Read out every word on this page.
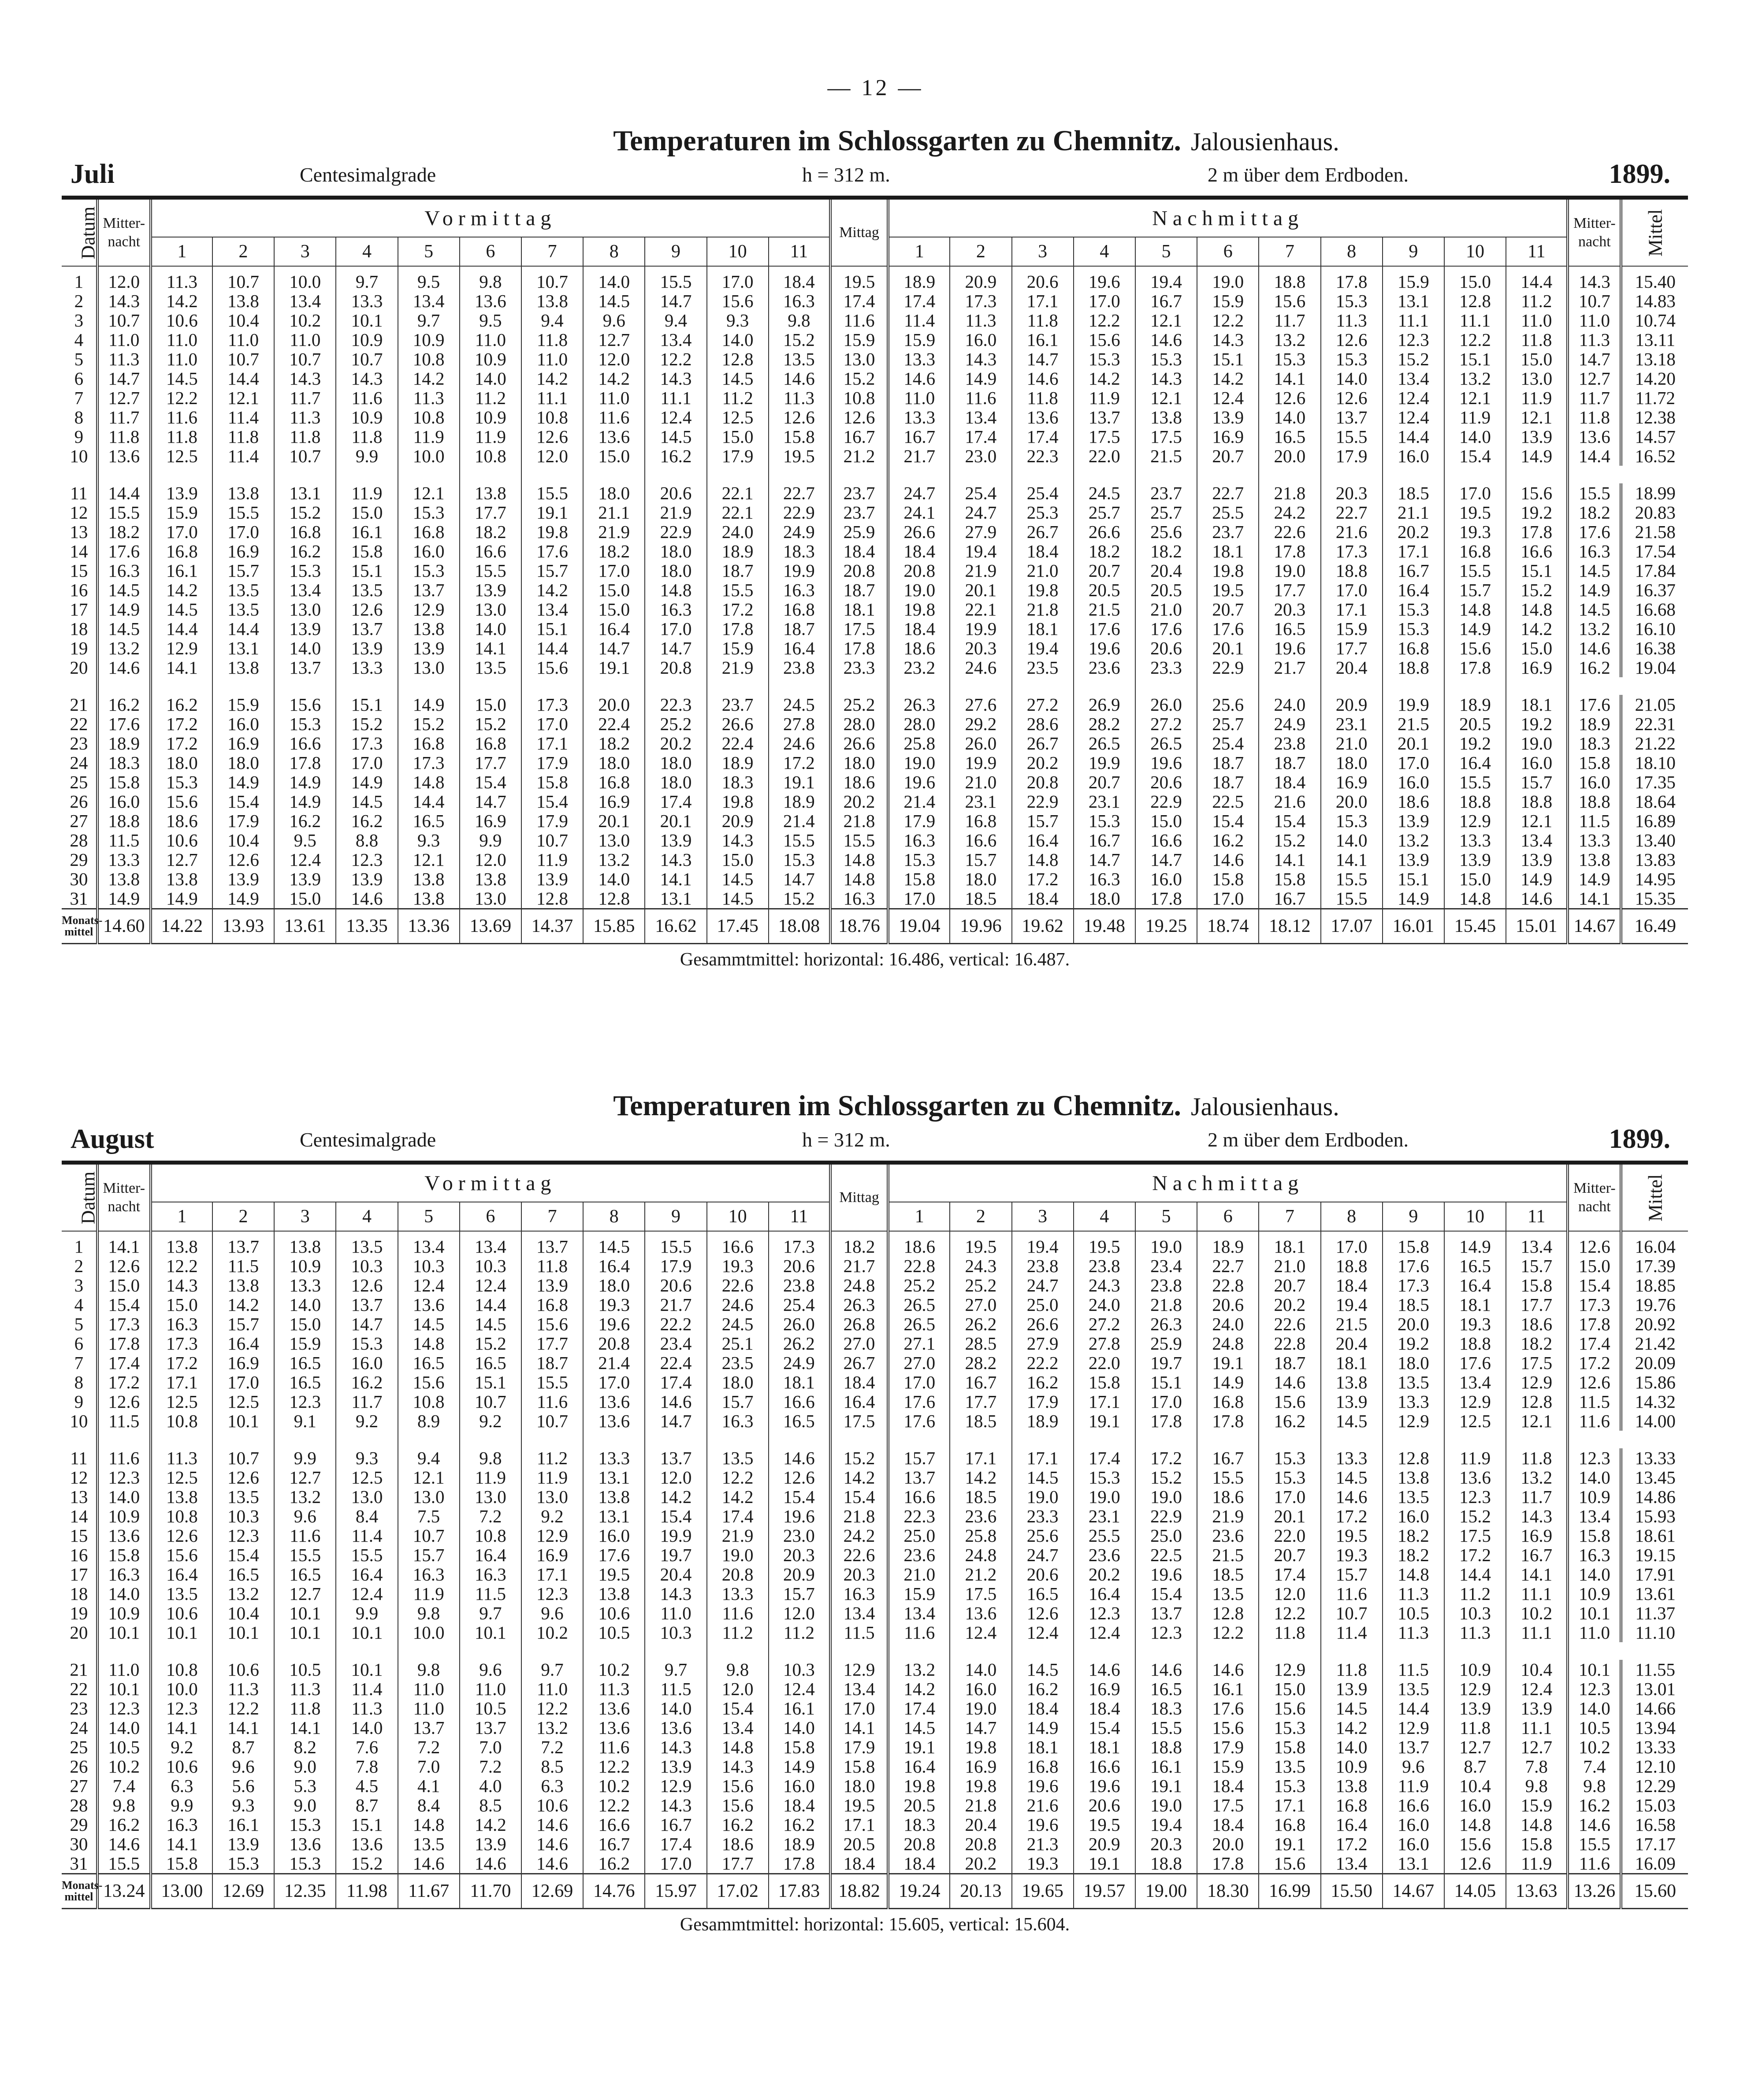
— 12 —
Temperaturen im Schlossgarten zu Chemnitz. Jalousienhaus.
Juli	Centesimalgrade	h = 312 m.	2 m über dem Erdboden.	1899.
Datum	Mitter-
nacht	Vormittag											Mittag	Nachmittag											Mitter-
nacht	Mittel
		1	2	3	4	5	6	7	8	9	10	11		1	2	3	4	5	6	7	8	9	10	11		
1	12.0	11.3	10.7	10.0	9.7	9.5	9.8	10.7	14.0	15.5	17.0	18.4	19.5	18.9	20.9	20.6	19.6	19.4	19.0	18.8	17.8	15.9	15.0	14.4	14.3	15.40
2	14.3	14.2	13.8	13.4	13.3	13.4	13.6	13.8	14.5	14.7	15.6	16.3	17.4	17.4	17.3	17.1	17.0	16.7	15.9	15.6	15.3	13.1	12.8	11.2	10.7	14.83
3	10.7	10.6	10.4	10.2	10.1	9.7	9.5	9.4	9.6	9.4	9.3	9.8	11.6	11.4	11.3	11.8	12.2	12.1	12.2	11.7	11.3	11.1	11.1	11.0	11.0	10.74
4	11.0	11.0	11.0	11.0	10.9	10.9	11.0	11.8	12.7	13.4	14.0	15.2	15.9	15.9	16.0	16.1	15.6	14.6	14.3	13.2	12.6	12.3	12.2	11.8	11.3	13.11
5	11.3	11.0	10.7	10.7	10.7	10.8	10.9	11.0	12.0	12.2	12.8	13.5	13.0	13.3	14.3	14.7	15.3	15.3	15.1	15.3	15.3	15.2	15.1	15.0	14.7	13.18
6	14.7	14.5	14.4	14.3	14.3	14.2	14.0	14.2	14.2	14.3	14.5	14.6	15.2	14.6	14.9	14.6	14.2	14.3	14.2	14.1	14.0	13.4	13.2	13.0	12.7	14.20
7	12.7	12.2	12.1	11.7	11.6	11.3	11.2	11.1	11.0	11.1	11.2	11.3	10.8	11.0	11.6	11.8	11.9	12.1	12.4	12.6	12.6	12.4	12.1	11.9	11.7	11.72
8	11.7	11.6	11.4	11.3	10.9	10.8	10.9	10.8	11.6	12.4	12.5	12.6	12.6	13.3	13.4	13.6	13.7	13.8	13.9	14.0	13.7	12.4	11.9	12.1	11.8	12.38
9	11.8	11.8	11.8	11.8	11.8	11.9	11.9	12.6	13.6	14.5	15.0	15.8	16.7	16.7	17.4	17.4	17.5	17.5	16.9	16.5	15.5	14.4	14.0	13.9	13.6	14.57
10	13.6	12.5	11.4	10.7	9.9	10.0	10.8	12.0	15.0	16.2	17.9	19.5	21.2	21.7	23.0	22.3	22.0	21.5	20.7	20.0	17.9	16.0	15.4	14.9	14.4	16.52

11	14.4	13.9	13.8	13.1	11.9	12.1	13.8	15.5	18.0	20.6	22.1	22.7	23.7	24.7	25.4	25.4	24.5	23.7	22.7	21.8	20.3	18.5	17.0	15.6	15.5	18.99
12	15.5	15.9	15.5	15.2	15.0	15.3	17.7	19.1	21.1	21.9	22.1	22.9	23.7	24.1	24.7	25.3	25.7	25.7	25.5	24.2	22.7	21.1	19.5	19.2	18.2	20.83
13	18.2	17.0	17.0	16.8	16.1	16.8	18.2	19.8	21.9	22.9	24.0	24.9	25.9	26.6	27.9	26.7	26.6	25.6	23.7	22.6	21.6	20.2	19.3	17.8	17.6	21.58
14	17.6	16.8	16.9	16.2	15.8	16.0	16.6	17.6	18.2	18.0	18.9	18.3	18.4	18.4	19.4	18.4	18.2	18.2	18.1	17.8	17.3	17.1	16.8	16.6	16.3	17.54
15	16.3	16.1	15.7	15.3	15.1	15.3	15.5	15.7	17.0	18.0	18.7	19.9	20.8	20.8	21.9	21.0	20.7	20.4	19.8	19.0	18.8	16.7	15.5	15.1	14.5	17.84
16	14.5	14.2	13.5	13.4	13.5	13.7	13.9	14.2	15.0	14.8	15.5	16.3	18.7	19.0	20.1	19.8	20.5	20.5	19.5	17.7	17.0	16.4	15.7	15.2	14.9	16.37
17	14.9	14.5	13.5	13.0	12.6	12.9	13.0	13.4	15.0	16.3	17.2	16.8	18.1	19.8	22.1	21.8	21.5	21.0	20.7	20.3	17.1	15.3	14.8	14.8	14.5	16.68
18	14.5	14.4	14.4	13.9	13.7	13.8	14.0	15.1	16.4	17.0	17.8	18.7	17.5	18.4	19.9	18.1	17.6	17.6	17.6	16.5	15.9	15.3	14.9	14.2	13.2	16.10
19	13.2	12.9	13.1	14.0	13.9	13.9	14.1	14.4	14.7	14.7	15.9	16.4	17.8	18.6	20.3	19.4	19.6	20.6	20.1	19.6	17.7	16.8	15.6	15.0	14.6	16.38
20	14.6	14.1	13.8	13.7	13.3	13.0	13.5	15.6	19.1	20.8	21.9	23.8	23.3	23.2	24.6	23.5	23.6	23.3	22.9	21.7	20.4	18.8	17.8	16.9	16.2	19.04

21	16.2	16.2	15.9	15.6	15.1	14.9	15.0	17.3	20.0	22.3	23.7	24.5	25.2	26.3	27.6	27.2	26.9	26.0	25.6	24.0	20.9	19.9	18.9	18.1	17.6	21.05
22	17.6	17.2	16.0	15.3	15.2	15.2	15.2	17.0	22.4	25.2	26.6	27.8	28.0	28.0	29.2	28.6	28.2	27.2	25.7	24.9	23.1	21.5	20.5	19.2	18.9	22.31
23	18.9	17.2	16.9	16.6	17.3	16.8	16.8	17.1	18.2	20.2	22.4	24.6	26.6	25.8	26.0	26.7	26.5	26.5	25.4	23.8	21.0	20.1	19.2	19.0	18.3	21.22
24	18.3	18.0	18.0	17.8	17.0	17.3	17.7	17.9	18.0	18.0	18.9	17.2	18.0	19.0	19.9	20.2	19.9	19.6	18.7	18.7	18.0	17.0	16.4	16.0	15.8	18.10
25	15.8	15.3	14.9	14.9	14.9	14.8	15.4	15.8	16.8	18.0	18.3	19.1	18.6	19.6	21.0	20.8	20.7	20.6	18.7	18.4	16.9	16.0	15.5	15.7	16.0	17.35
26	16.0	15.6	15.4	14.9	14.5	14.4	14.7	15.4	16.9	17.4	19.8	18.9	20.2	21.4	23.1	22.9	23.1	22.9	22.5	21.6	20.0	18.6	18.8	18.8	18.8	18.64
27	18.8	18.6	17.9	16.2	16.2	16.5	16.9	17.9	20.1	20.1	20.9	21.4	21.8	17.9	16.8	15.7	15.3	15.0	15.4	15.4	15.3	13.9	12.9	12.1	11.5	16.89
28	11.5	10.6	10.4	9.5	8.8	9.3	9.9	10.7	13.0	13.9	14.3	15.5	15.5	16.3	16.6	16.4	16.7	16.6	16.2	15.2	14.0	13.2	13.3	13.4	13.3	13.40
29	13.3	12.7	12.6	12.4	12.3	12.1	12.0	11.9	13.2	14.3	15.0	15.3	14.8	15.3	15.7	14.8	14.7	14.7	14.6	14.1	14.1	13.9	13.9	13.9	13.8	13.83
30	13.8	13.8	13.9	13.9	13.9	13.8	13.8	13.9	14.0	14.1	14.5	14.7	14.8	15.8	18.0	17.2	16.3	16.0	15.8	15.8	15.5	15.1	15.0	14.9	14.9	14.95
31	14.9	14.9	14.9	15.0	14.6	13.8	13.0	12.8	12.8	13.1	14.5	15.2	16.3	17.0	18.5	18.4	18.0	17.8	17.0	16.7	15.5	14.9	14.8	14.6	14.1	15.35
Monats-
mittel	14.60	14.22	13.93	13.61	13.35	13.36	13.69	14.37	15.85	16.62	17.45	18.08	18.76	19.04	19.96	19.62	19.48	19.25	18.74	18.12	17.07	16.01	15.45	15.01	14.67	16.49
Gesammtmittel: horizontal: 16.486, vertical: 16.487.
Temperaturen im Schlossgarten zu Chemnitz. Jalousienhaus.
August	Centesimalgrade	h = 312 m.	2 m über dem Erdboden.	1899.
Datum	Mitter-
nacht	Vormittag											Mittag	Nachmittag											Mitter-
nacht	Mittel
		1	2	3	4	5	6	7	8	9	10	11		1	2	3	4	5	6	7	8	9	10	11		
1	14.1	13.8	13.7	13.8	13.5	13.4	13.4	13.7	14.5	15.5	16.6	17.3	18.2	18.6	19.5	19.4	19.5	19.0	18.9	18.1	17.0	15.8	14.9	13.4	12.6	16.04
2	12.6	12.2	11.5	10.9	10.3	10.3	10.3	11.8	16.4	17.9	19.3	20.6	21.7	22.8	24.3	23.8	23.8	23.4	22.7	21.0	18.8	17.6	16.5	15.7	15.0	17.39
3	15.0	14.3	13.8	13.3	12.6	12.4	12.4	13.9	18.0	20.6	22.6	23.8	24.8	25.2	25.2	24.7	24.3	23.8	22.8	20.7	18.4	17.3	16.4	15.8	15.4	18.85
4	15.4	15.0	14.2	14.0	13.7	13.6	14.4	16.8	19.3	21.7	24.6	25.4	26.3	26.5	27.0	25.0	24.0	21.8	20.6	20.2	19.4	18.5	18.1	17.7	17.3	19.76
5	17.3	16.3	15.7	15.0	14.7	14.5	14.5	15.6	19.6	22.2	24.5	26.0	26.8	26.5	26.2	26.6	27.2	26.3	24.0	22.6	21.5	20.0	19.3	18.6	17.8	20.92
6	17.8	17.3	16.4	15.9	15.3	14.8	15.2	17.7	20.8	23.4	25.1	26.2	27.0	27.1	28.5	27.9	27.8	25.9	24.8	22.8	20.4	19.2	18.8	18.2	17.4	21.42
7	17.4	17.2	16.9	16.5	16.0	16.5	16.5	18.7	21.4	22.4	23.5	24.9	26.7	27.0	28.2	22.2	22.0	19.7	19.1	18.7	18.1	18.0	17.6	17.5	17.2	20.09
8	17.2	17.1	17.0	16.5	16.2	15.6	15.1	15.5	17.0	17.4	18.0	18.1	18.4	17.0	16.7	16.2	15.8	15.1	14.9	14.6	13.8	13.5	13.4	12.9	12.6	15.86
9	12.6	12.5	12.5	12.3	11.7	10.8	10.7	11.6	13.6	14.6	15.7	16.6	16.4	17.6	17.7	17.9	17.1	17.0	16.8	15.6	13.9	13.3	12.9	12.8	11.5	14.32
10	11.5	10.8	10.1	9.1	9.2	8.9	9.2	10.7	13.6	14.7	16.3	16.5	17.5	17.6	18.5	18.9	19.1	17.8	17.8	16.2	14.5	12.9	12.5	12.1	11.6	14.00

11	11.6	11.3	10.7	9.9	9.3	9.4	9.8	11.2	13.3	13.7	13.5	14.6	15.2	15.7	17.1	17.1	17.4	17.2	16.7	15.3	13.3	12.8	11.9	11.8	12.3	13.33
12	12.3	12.5	12.6	12.7	12.5	12.1	11.9	11.9	13.1	12.0	12.2	12.6	14.2	13.7	14.2	14.5	15.3	15.2	15.5	15.3	14.5	13.8	13.6	13.2	14.0	13.45
13	14.0	13.8	13.5	13.2	13.0	13.0	13.0	13.0	13.8	14.2	14.2	15.4	15.4	16.6	18.5	19.0	19.0	19.0	18.6	17.0	14.6	13.5	12.3	11.7	10.9	14.86
14	10.9	10.8	10.3	9.6	8.4	7.5	7.2	9.2	13.1	15.4	17.4	19.6	21.8	22.3	23.6	23.3	23.1	22.9	21.9	20.1	17.2	16.0	15.2	14.3	13.4	15.93
15	13.6	12.6	12.3	11.6	11.4	10.7	10.8	12.9	16.0	19.9	21.9	23.0	24.2	25.0	25.8	25.6	25.5	25.0	23.6	22.0	19.5	18.2	17.5	16.9	15.8	18.61
16	15.8	15.6	15.4	15.5	15.5	15.7	16.4	16.9	17.6	19.7	19.0	20.3	22.6	23.6	24.8	24.7	23.6	22.5	21.5	20.7	19.3	18.2	17.2	16.7	16.3	19.15
17	16.3	16.4	16.5	16.5	16.4	16.3	16.3	17.1	19.5	20.4	20.8	20.9	20.3	21.0	21.2	20.6	20.2	19.6	18.5	17.4	15.7	14.8	14.4	14.1	14.0	17.91
18	14.0	13.5	13.2	12.7	12.4	11.9	11.5	12.3	13.8	14.3	13.3	15.7	16.3	15.9	17.5	16.5	16.4	15.4	13.5	12.0	11.6	11.3	11.2	11.1	10.9	13.61
19	10.9	10.6	10.4	10.1	9.9	9.8	9.7	9.6	10.6	11.0	11.6	12.0	13.4	13.4	13.6	12.6	12.3	13.7	12.8	12.2	10.7	10.5	10.3	10.2	10.1	11.37
20	10.1	10.1	10.1	10.1	10.1	10.0	10.1	10.2	10.5	10.3	11.2	11.2	11.5	11.6	12.4	12.4	12.4	12.3	12.2	11.8	11.4	11.3	11.3	11.1	11.0	11.10

21	11.0	10.8	10.6	10.5	10.1	9.8	9.6	9.7	10.2	9.7	9.8	10.3	12.9	13.2	14.0	14.5	14.6	14.6	14.6	12.9	11.8	11.5	10.9	10.4	10.1	11.55
22	10.1	10.0	11.3	11.3	11.4	11.0	11.0	11.0	11.3	11.5	12.0	12.4	13.4	14.2	16.0	16.2	16.9	16.5	16.1	15.0	13.9	13.5	12.9	12.4	12.3	13.01
23	12.3	12.3	12.2	11.8	11.3	11.0	10.5	12.2	13.6	14.0	15.4	16.1	17.0	17.4	19.0	18.4	18.4	18.3	17.6	15.6	14.5	14.4	13.9	13.9	14.0	14.66
24	14.0	14.1	14.1	14.1	14.0	13.7	13.7	13.2	13.6	13.6	13.4	14.0	14.1	14.5	14.7	14.9	15.4	15.5	15.6	15.3	14.2	12.9	11.8	11.1	10.5	13.94
25	10.5	9.2	8.7	8.2	7.6	7.2	7.0	7.2	11.6	14.3	14.8	15.8	17.9	19.1	19.8	18.1	18.1	18.8	17.9	15.8	14.0	13.7	12.7	12.7	10.2	13.33
26	10.2	10.6	9.6	9.0	7.8	7.0	7.2	8.5	12.2	13.9	14.3	14.9	15.8	16.4	16.9	16.8	16.6	16.1	15.9	13.5	10.9	9.6	8.7	7.8	7.4	12.10
27	7.4	6.3	5.6	5.3	4.5	4.1	4.0	6.3	10.2	12.9	15.6	16.0	18.0	19.8	19.8	19.6	19.6	19.1	18.4	15.3	13.8	11.9	10.4	9.8	9.8	12.29
28	9.8	9.9	9.3	9.0	8.7	8.4	8.5	10.6	12.2	14.3	15.6	18.4	19.5	20.5	21.8	21.6	20.6	19.0	17.5	17.1	16.8	16.6	16.0	15.9	16.2	15.03
29	16.2	16.3	16.1	15.3	15.1	14.8	14.2	14.6	16.6	16.7	16.2	16.2	17.1	18.3	20.4	19.6	19.5	19.4	18.4	16.8	16.4	16.0	14.8	14.8	14.6	16.58
30	14.6	14.1	13.9	13.6	13.6	13.5	13.9	14.6	16.7	17.4	18.6	18.9	20.5	20.8	20.8	21.3	20.9	20.3	20.0	19.1	17.2	16.0	15.6	15.8	15.5	17.17
31	15.5	15.8	15.3	15.3	15.2	14.6	14.6	14.6	16.2	17.0	17.7	17.8	18.4	18.4	20.2	19.3	19.1	18.8	17.8	15.6	13.4	13.1	12.6	11.9	11.6	16.09
Monats-
mittel	13.24	13.00	12.69	12.35	11.98	11.67	11.70	12.69	14.76	15.97	17.02	17.83	18.82	19.24	20.13	19.65	19.57	19.00	18.30	16.99	15.50	14.67	14.05	13.63	13.26	15.60
Gesammtmittel: horizontal: 15.605, vertical: 15.604.
